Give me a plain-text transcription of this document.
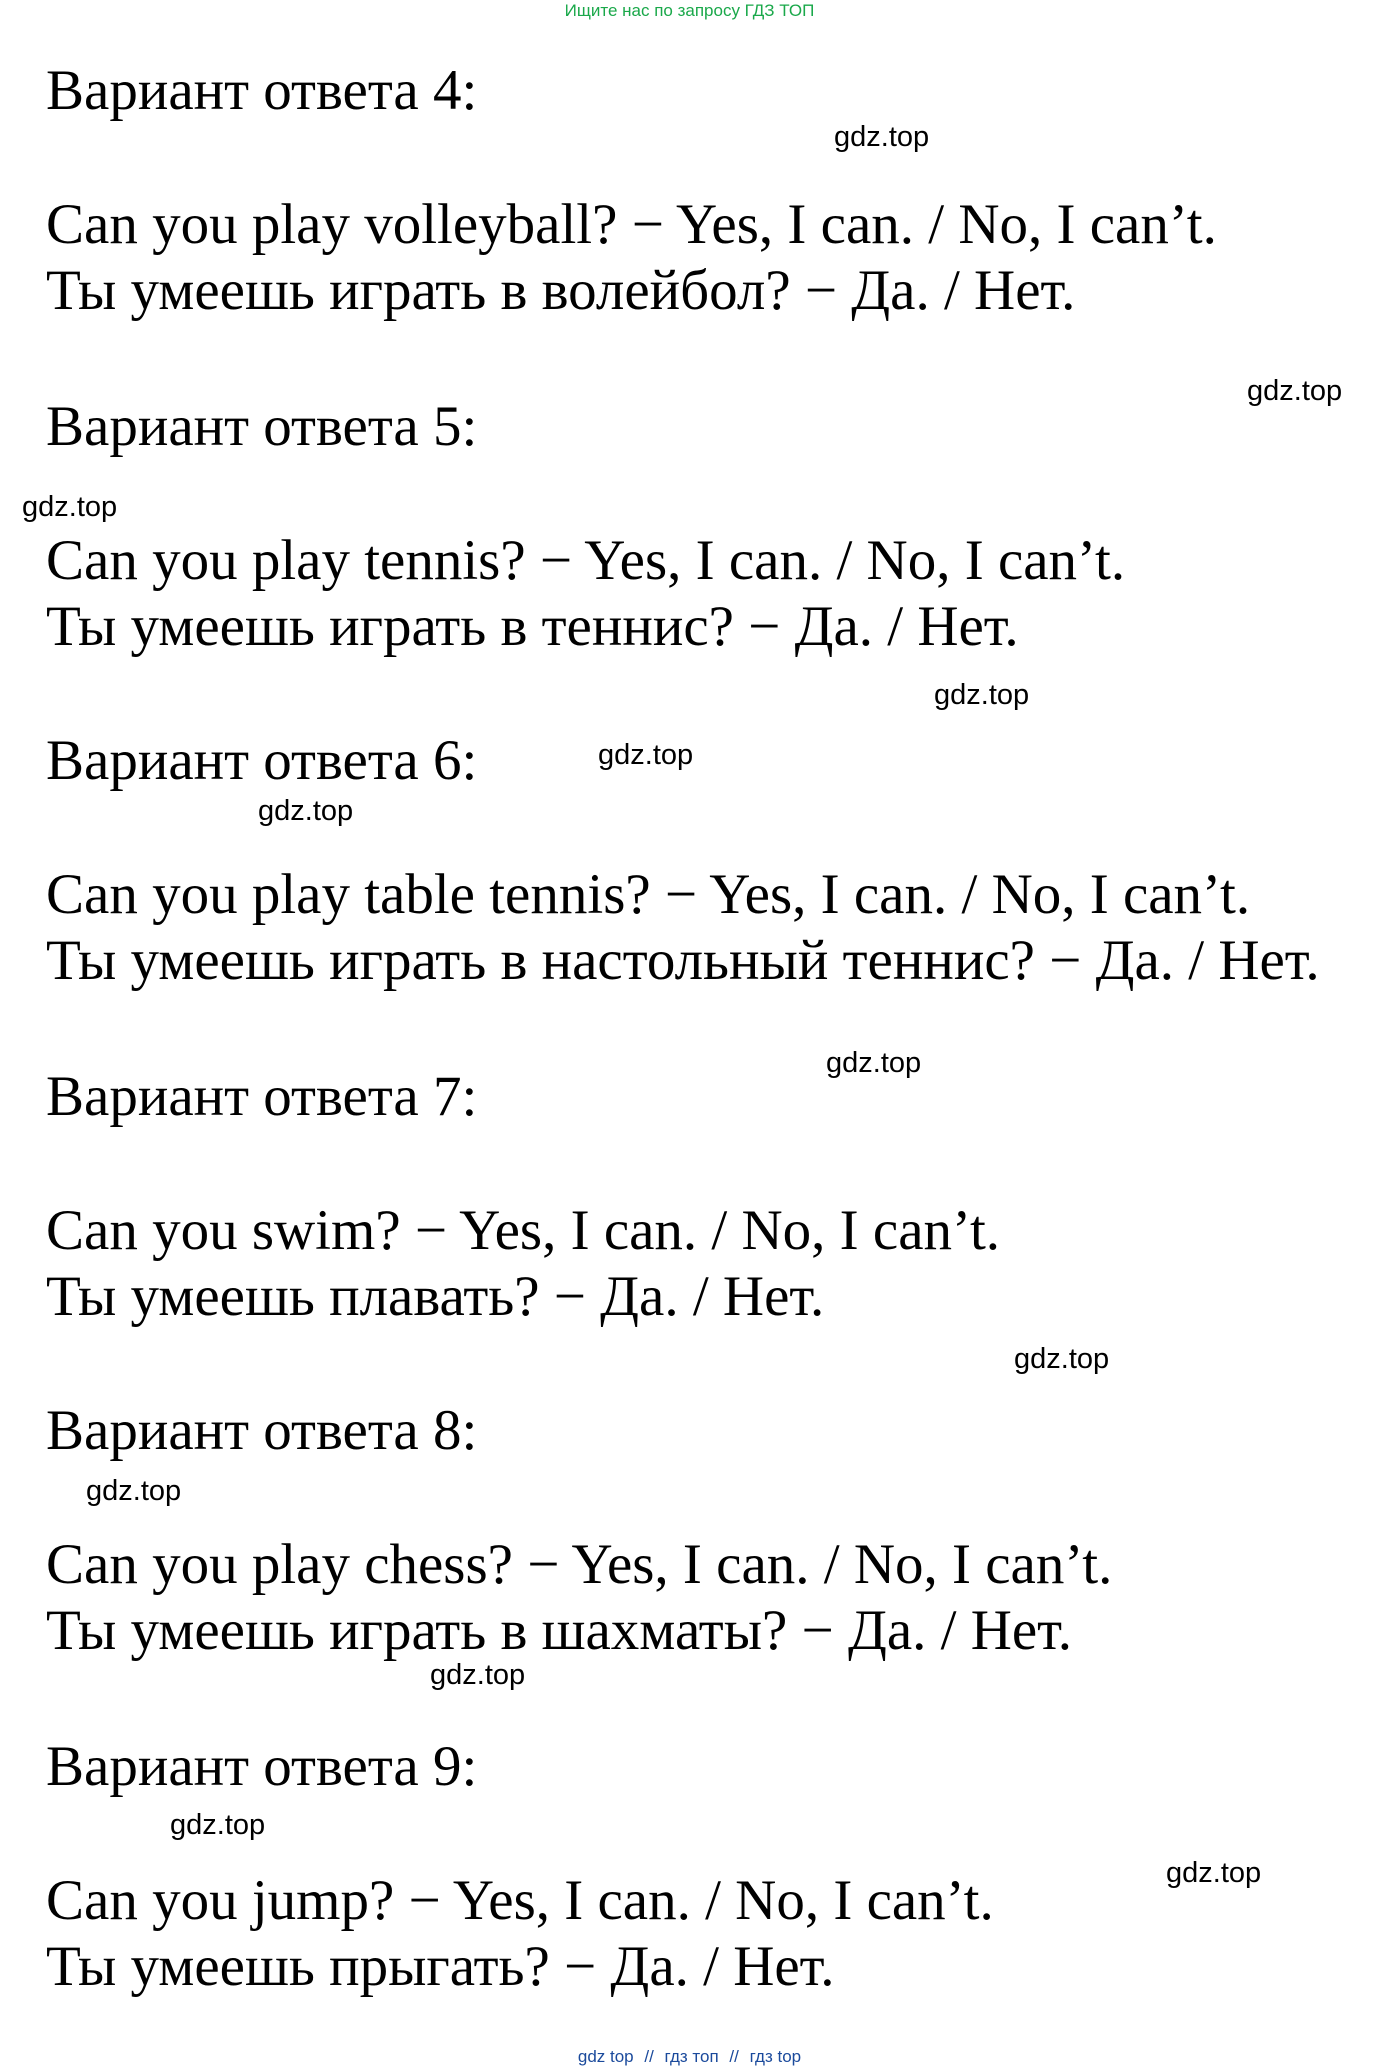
Ищите нас по запросу ГДЗ ТОП
Вариант ответа 4:
Can you play volleyball? − Yes, I can. / No, I can’t.
Ты умеешь играть в волейбол? − Да. / Нет.
Вариант ответа 5:
Can you play tennis? − Yes, I can. / No, I can’t.
Ты умеешь играть в теннис? − Да. / Нет.
Вариант ответа 6:
Can you play table tennis? − Yes, I can. / No, I can’t.
Ты умеешь играть в настольный теннис? − Да. / Нет.
Вариант ответа 7:
Can you swim? − Yes, I can. / No, I can’t.
Ты умеешь плавать? − Да. / Нет.
Вариант ответа 8:
Can you play chess? − Yes, I can. / No, I can’t.
Ты умеешь играть в шахматы? − Да. / Нет.
Вариант ответа 9:
Can you jump? − Yes, I can. / No, I can’t.
Ты умеешь прыгать? − Да. / Нет.
gdz.top
gdz.top
gdz.top
gdz.top
gdz.top
gdz.top
gdz.top
gdz.top
gdz.top
gdz.top
gdz.top
gdz.top
gdz top // гдз топ // гдз top
